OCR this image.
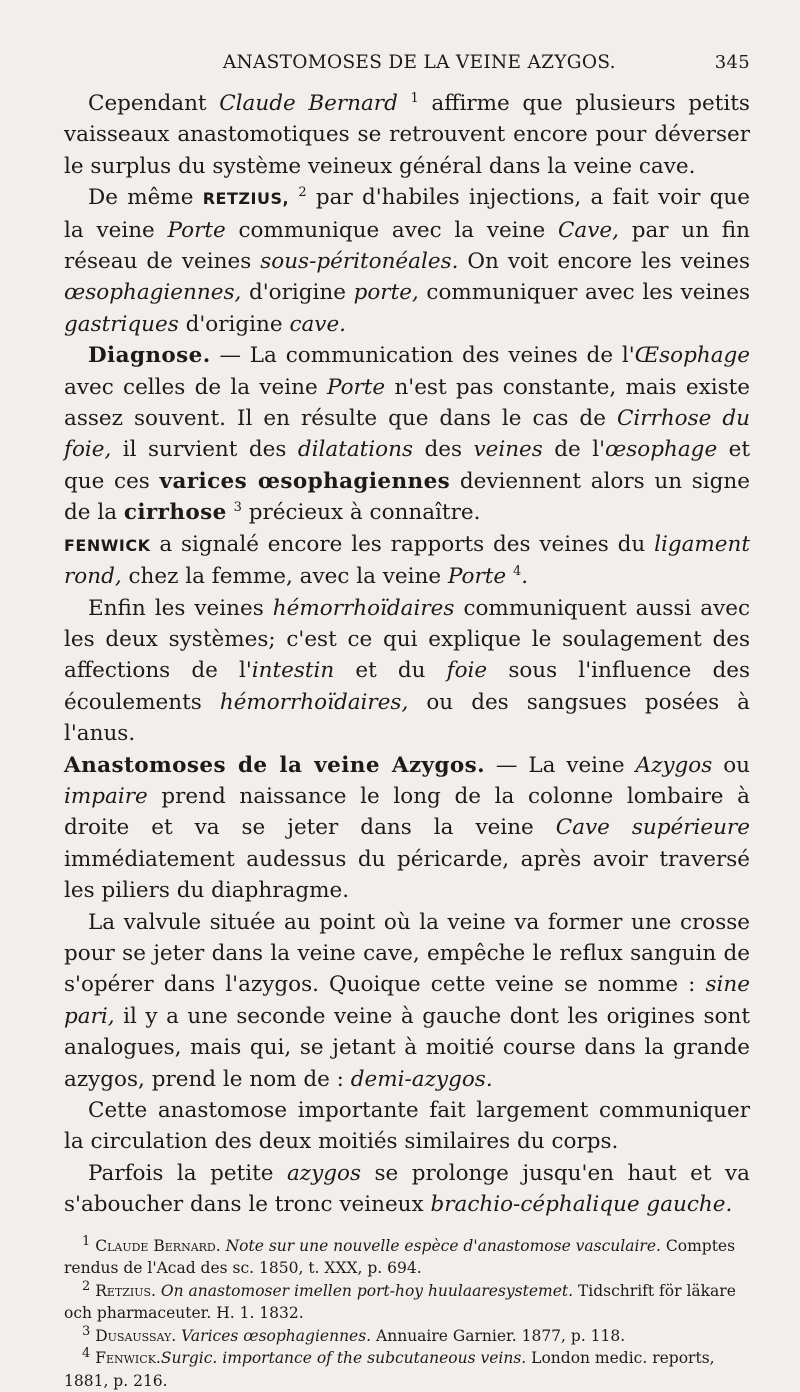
ANASTOMOSES DE LA VEINE AZYGOS.	345

Cependant Claude Bernard $^1$ affirme que plusieurs petits vaisseaux anastomotiques se retrouvent encore pour déverser le surplus du système veineux général dans la veine cave.

De même RETZIUS, $^2$ par d'habiles injections, a fait voir que la veine Porte communique avec la veine Cave, par un fin réseau de veines sous-péritonéales. On voit encore les veines œsophagiennes, d'origine porte, communiquer avec les veines gastriques d'origine cave.

Diagnose. — La communication des veines de l'Œsophage avec celles de la veine Porte n'est pas constante, mais existe assez souvent. Il en résulte que dans le cas de Cirrhose du foie, il survient des dilatations des veines de l'œsophage et que ces varices œsophagiennes deviennent alors un signe de la cirrhose $^3$ précieux à connaître.

FENWICK a signalé encore les rapports des veines du ligament rond, chez la femme, avec la veine Porte $^4$.

Enfin les veines hémorrhoïdaires communiquent aussi avec les deux systèmes; c'est ce qui explique le soulagement des affections de l'intestin et du foie sous l'influence des écoulements hémorrhoïdaires, ou des sangsues posées à l'anus.

Anastomoses de la veine Azygos. — La veine Azygos ou impaire prend naissance le long de la colonne lombaire à droite et va se jeter dans la veine Cave supérieure immédiatement audessus du péricarde, après avoir traversé les piliers du diaphragme.

La valvule située au point où la veine va former une crosse pour se jeter dans la veine cave, empêche le reflux sanguin de s'opérer dans l'azygos. Quoique cette veine se nomme : sine pari, il y a une seconde veine à gauche dont les origines sont analogues, mais qui, se jetant à moitié course dans la grande azygos, prend le nom de : demi-azygos.

Cette anastomose importante fait largement communiquer la circulation des deux moitiés similaires du corps.

Parfois la petite azygos se prolonge jusqu'en haut et va s'aboucher dans le tronc veineux brachio-céphalique gauche.

$^1$ Claude Bernard. Note sur une nouvelle espèce d'anastomose vasculaire. Comptes rendus de l'Acad des sc. 1850, t. XXX, p. 694.

$^2$ Retzius. On anastomoser imellen port-hoy huulaaresystemet. Tidschrift för läkare och pharmaceuter. H. 1. 1832.

$^3$ Dusaussay. Varices œsophagiennes. Annuaire Garnier. 1877, p. 118.

$^4$ Fenwick.Surgic. importance of the subcutaneous veins. London medic. reports, 1881, p. 216.
